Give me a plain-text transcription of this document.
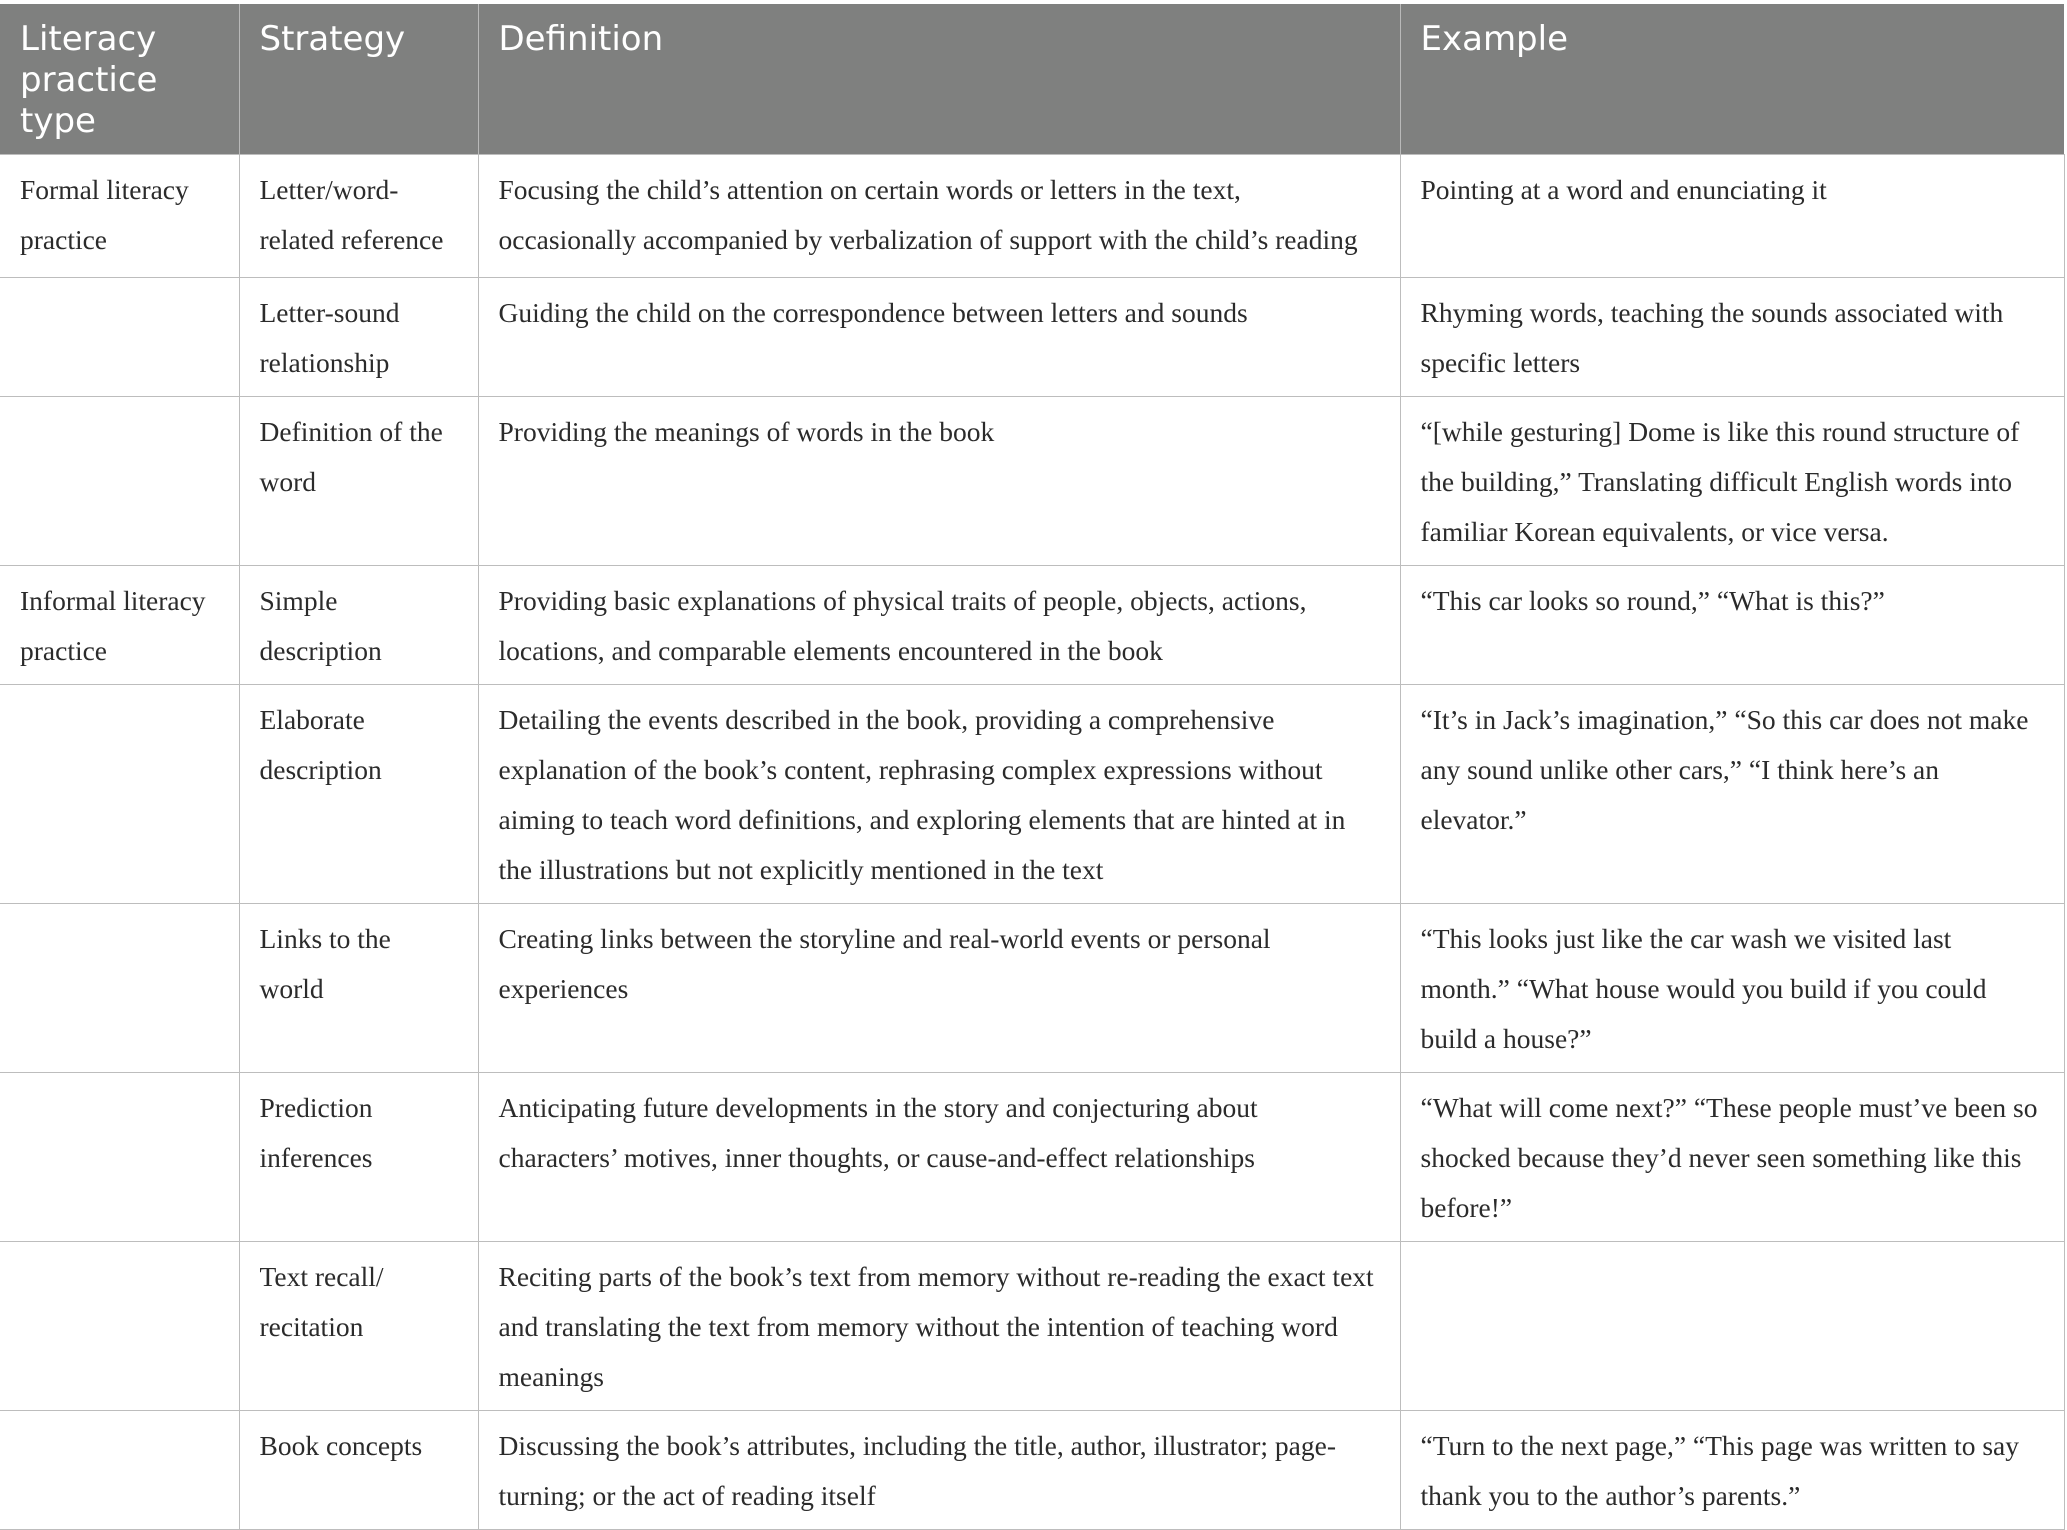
Literacy practice type	Strategy	Definition	Example
Formal literacy practice	Letter/word-related reference	Focusing the child’s attention on certain words or letters in the text, occasionally accompanied by verbalization of support with the child’s reading	Pointing at a word and enunciating it
	Letter-sound relationship	Guiding the child on the correspondence between letters and sounds	Rhyming words, teaching the sounds associated with specific letters
	Definition of the word	Providing the meanings of words in the book	“[while gesturing] Dome is like this round structure of the building,” Translating difficult English words into familiar Korean equivalents, or vice versa.
Informal literacy practice	Simple description	Providing basic explanations of physical traits of people, objects, actions, locations, and comparable elements encountered in the book	“This car looks so round,” “What is this?”
	Elaborate description	Detailing the events described in the book, providing a comprehensive explanation of the book’s content, rephrasing complex expressions without aiming to teach word definitions, and exploring elements that are hinted at in the illustrations but not explicitly mentioned in the text	“It’s in Jack’s imagination,” “So this car does not make any sound unlike other cars,” “I think here’s an elevator.”
	Links to the world	Creating links between the storyline and real-world events or personal experiences	“This looks just like the car wash we visited last month.” “What house would you build if you could build a house?”
	Prediction inferences	Anticipating future developments in the story and conjecturing about characters’ motives, inner thoughts, or cause-and-effect relationships	“What will come next?” “These people must’ve been so shocked because they’d never seen something like this before!”
	Text recall/ recitation	Reciting parts of the book’s text from memory without re-reading the exact text and translating the text from memory without the intention of teaching word meanings	
	Book concepts	Discussing the book’s attributes, including the title, author, illustrator; page-turning; or the act of reading itself	“Turn to the next page,” “This page was written to say thank you to the author’s parents.”
